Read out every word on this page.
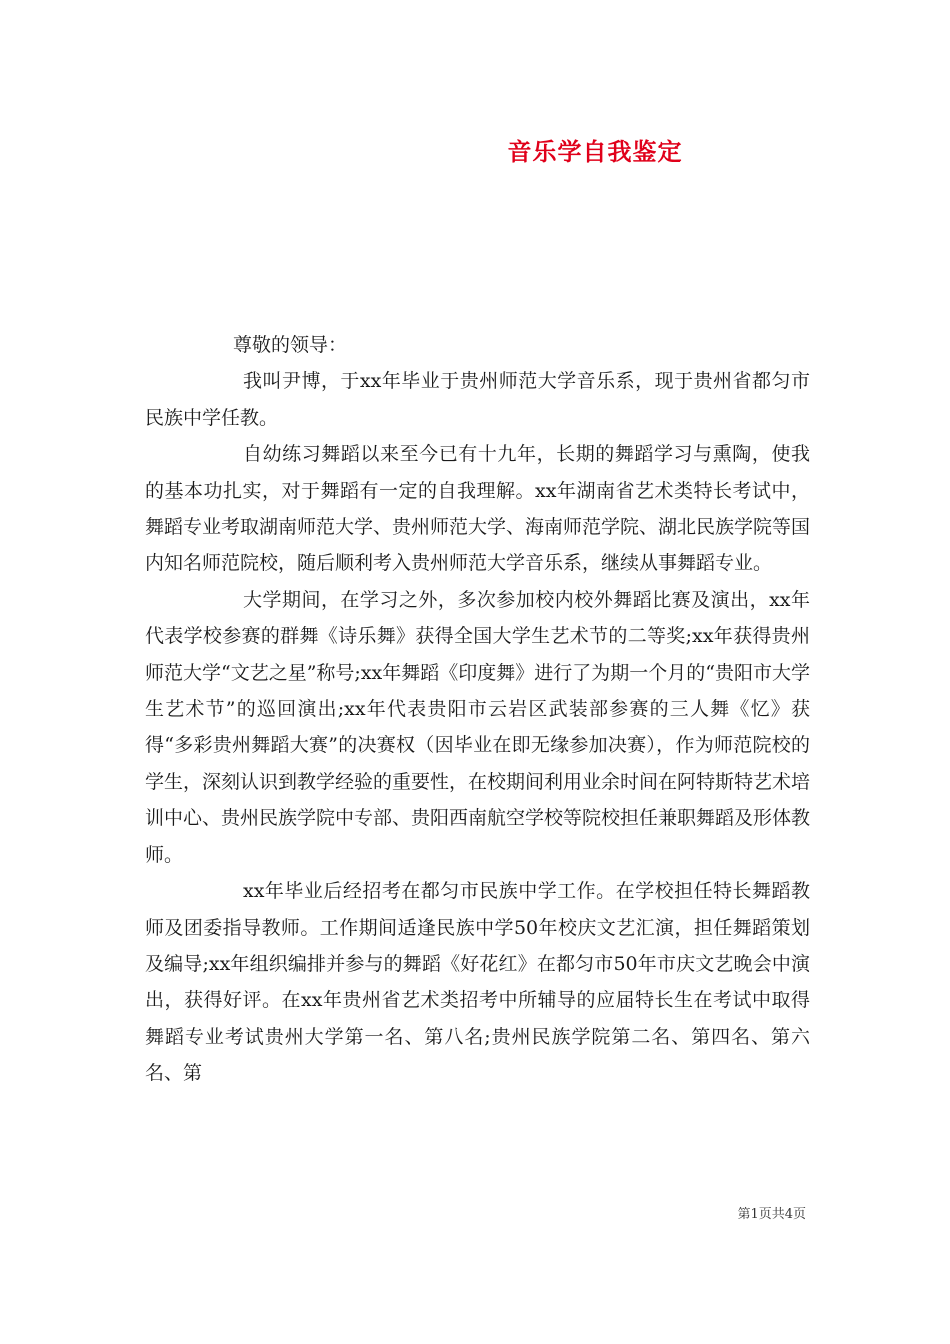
音乐学自我鉴定

尊敬的领导：

我叫尹博，于xx年毕业于贵州师范大学音乐系，现于贵州省都匀市民族中学任教。

自幼练习舞蹈以来至今已有十九年，长期的舞蹈学习与熏陶，使我的基本功扎实，对于舞蹈有一定的自我理解。xx年湖南省艺术类特长考试中，舞蹈专业考取湖南师范大学、贵州师范大学、海南师范学院、湖北民族学院等国内知名师范院校，随后顺利考入贵州师范大学音乐系，继续从事舞蹈专业。

大学期间，在学习之外，多次参加校内校外舞蹈比赛及演出，xx年代表学校参赛的群舞《诗乐舞》获得全国大学生艺术节的二等奖;xx年获得贵州师范大学“文艺之星”称号;xx年舞蹈《印度舞》进行了为期一个月的“贵阳市大学生艺术节”的巡回演出;xx年代表贵阳市云岩区武装部参赛的三人舞《忆》获得“多彩贵州舞蹈大赛”的决赛权（因毕业在即无缘参加决赛），作为师范院校的学生，深刻认识到教学经验的重要性，在校期间利用业余时间在阿特斯特艺术培训中心、贵州民族学院中专部、贵阳西南航空学校等院校担任兼职舞蹈及形体教师。

xx年毕业后经招考在都匀市民族中学工作。在学校担任特长舞蹈教师及团委指导教师。工作期间适逢民族中学50年校庆文艺汇演，担任舞蹈策划及编导;xx年组织编排并参与的舞蹈《好花红》在都匀市50年市庆文艺晚会中演出，获得好评。在xx年贵州省艺术类招考中所辅导的应届特长生在考试中取得舞蹈专业考试贵州大学第一名、第八名;贵州民族学院第二名、第四名、第六名、第

第1页共4页
